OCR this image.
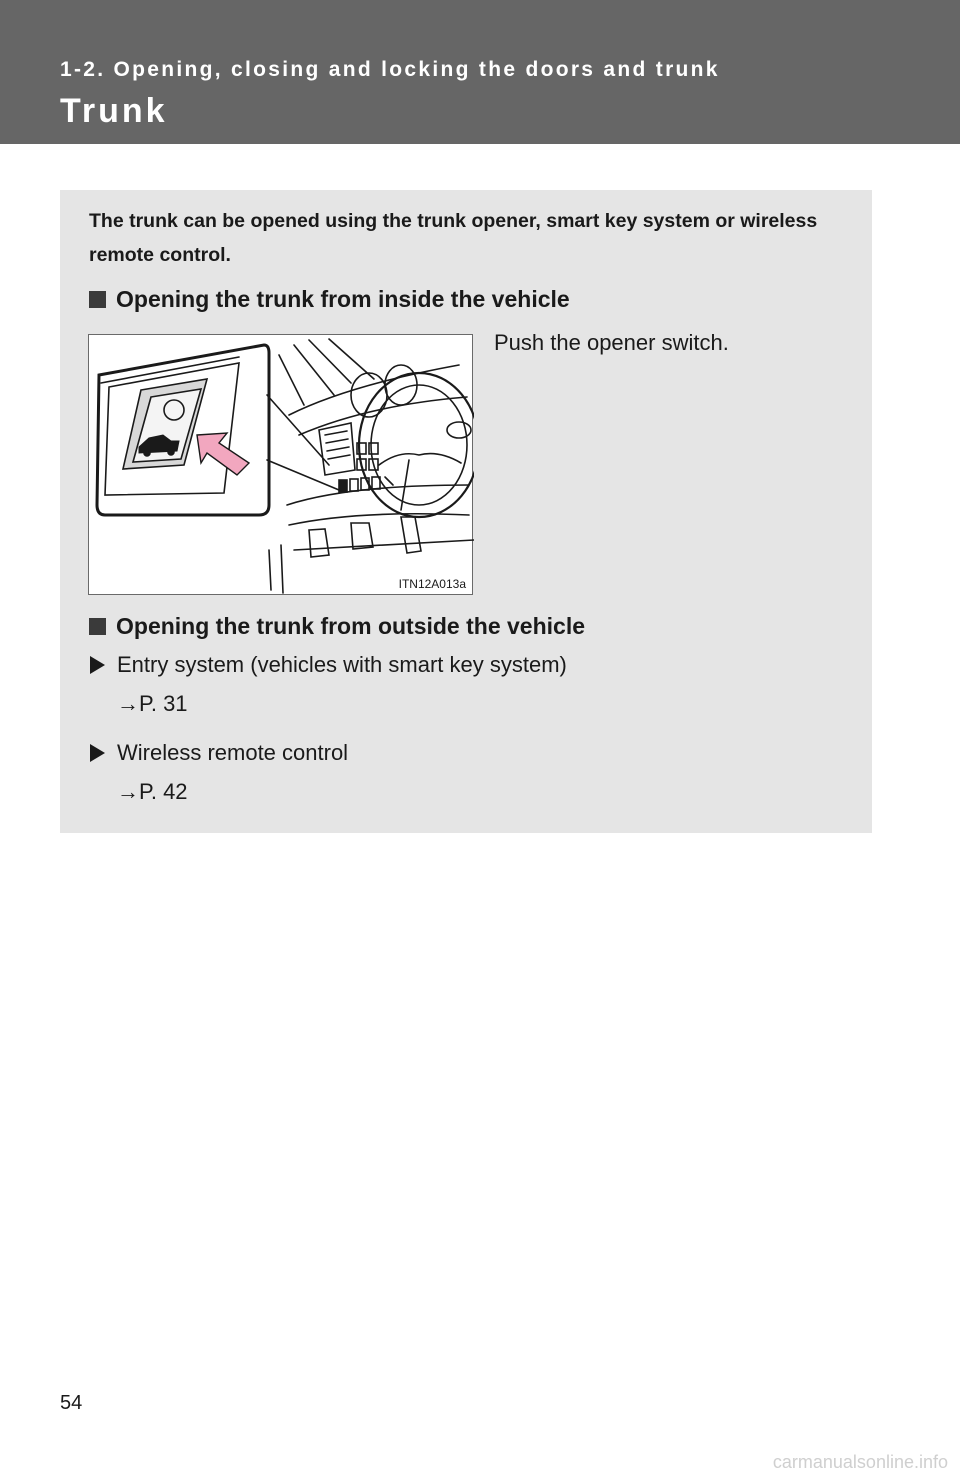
1-2. Opening, closing and locking the doors and trunk
Trunk
The trunk can be opened using the trunk opener, smart key system or wireless remote control.
Opening the trunk from inside the vehicle
ITN12A013a
Push the opener switch.
Opening the trunk from outside the vehicle
Entry system (vehicles with smart key system)
→P. 31
Wireless remote control
→P. 42
54
carmanualsonline.info
